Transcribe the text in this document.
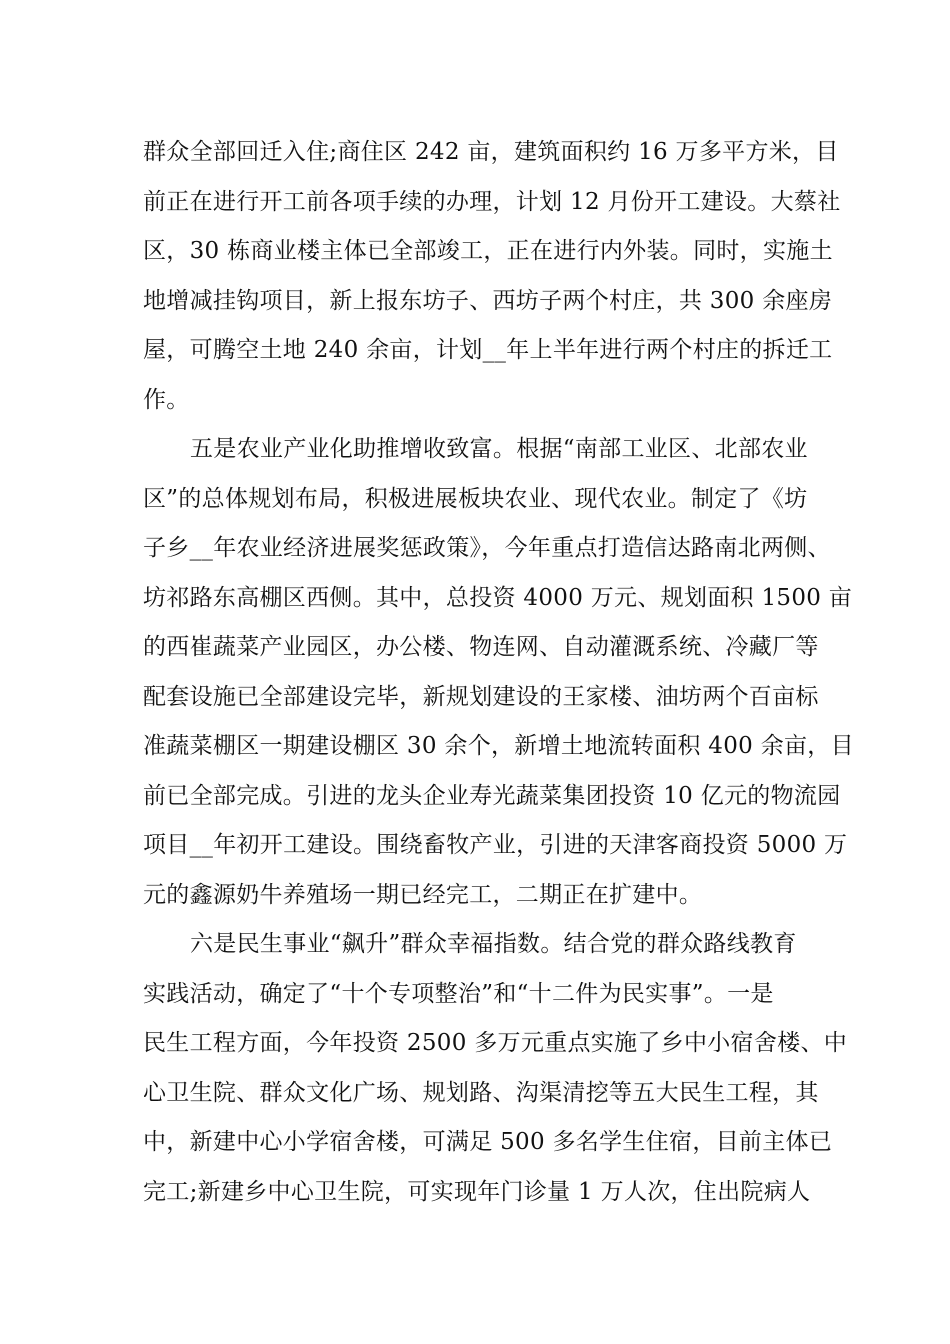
群众全部回迁入住;商住区 242 亩，建筑面积约 16 万多平方米，目
前正在进行开工前各项手续的办理，计划 12 月份开工建设。大蔡社
区，30 栋商业楼主体已全部竣工，正在进行内外装。同时，实施土
地增减挂钩项目，新上报东坊子、西坊子两个村庄，共 300 余座房
屋，可腾空土地 240 余亩，计划__年上半年进行两个村庄的拆迁工
作。
五是农业产业化助推增收致富。根据“南部工业区、北部农业
区”的总体规划布局，积极进展板块农业、现代农业。制定了《坊
子乡__年农业经济进展奖惩政策》，今年重点打造信达路南北两侧、
坊祁路东高棚区西侧。其中，总投资 4000 万元、规划面积 1500 亩
的西崔蔬菜产业园区，办公楼、物连网、自动灌溉系统、冷藏厂等
配套设施已全部建设完毕，新规划建设的王家楼、油坊两个百亩标
准蔬菜棚区一期建设棚区 30 余个，新增土地流转面积 400 余亩，目
前已全部完成。引进的龙头企业寿光蔬菜集团投资 10 亿元的物流园
项目__年初开工建设。围绕畜牧产业，引进的天津客商投资 5000 万
元的鑫源奶牛养殖场一期已经完工，二期正在扩建中。
六是民生事业“飙升”群众幸福指数。结合党的群众路线教育
实践活动，确定了“十个专项整治”和“十二件为民实事”。一是
民生工程方面，今年投资 2500 多万元重点实施了乡中小宿舍楼、中
心卫生院、群众文化广场、规划路、沟渠清挖等五大民生工程，其
中，新建中心小学宿舍楼，可满足 500 多名学生住宿，目前主体已
完工;新建乡中心卫生院，可实现年门诊量 1 万人次，住出院病人
